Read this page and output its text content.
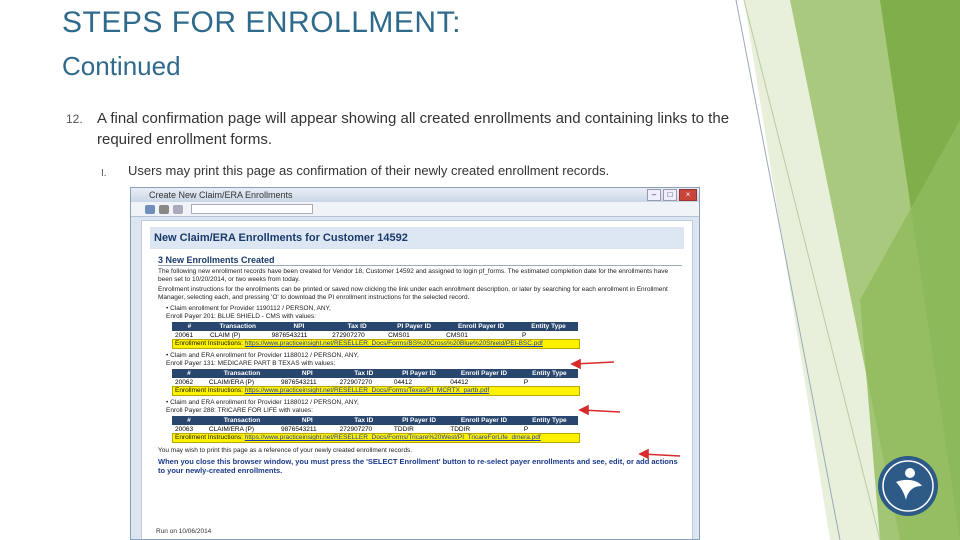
STEPS FOR ENROLLMENT:
Continued
12. A final confirmation page will appear showing all created enrollments and containing links to the required enrollment forms.
I. Users may print this page as confirmation of their newly created enrollment records.
Create New Claim/ERA Enrollments	–	□	×
New Claim/ERA Enrollments for Customer 14592
3 New Enrollments Created
The following new enrollment records have been created for Vendor 18, Customer 14592 and assigned to login pf_forms. The estimated completion date for the enrollments have been set to 10/20/2014, or two weeks from today.
Enrollment instructions for the enrollments can be printed or saved now clicking the link under each enrollment description, or later by searching for each enrollment in Enrollment Manager, selecting each, and pressing 'O' to download the PI enrollment instructions for the selected record.
• Claim enrollment for Provider 1190112 / PERSON, ANY,
Enroll Payer 201: BLUE SHIELD - CMS with values:
#	Transaction	NPI	Tax ID	PI Payer ID	Enroll Payer ID	Entity Type
20061	CLAIM (P)	9876543211	272907270	CMS01	CMS01	P
Enrollment Instructions: https://www.practiceinsight.net/RESELLER_Docs/Forms/BS%20Cross%20Blue%20Shield/PEI-BSC.pdf
• Claim and ERA enrollment for Provider 1188012 / PERSON, ANY,
Enroll Payer 131: MEDICARE PART B TEXAS with values:
#	Transaction	NPI	Tax ID	PI Payer ID	Enroll Payer ID	Entity Type
20062	CLAIM/ERA (P)	9876543211	272907270	04412	04412	P
Enrollment Instructions: https://www.practiceinsight.net/RESELLER_Docs/Forms/Texas/PI_MCRTX_partb.pdf
• Claim and ERA enrollment for Provider 1188012 / PERSON, ANY,
Enroll Payer 288: TRICARE FOR LIFE with values:
#	Transaction	NPI	Tax ID	PI Payer ID	Enroll Payer ID	Entity Type
20063	CLAIM/ERA (P)	9876543211	272907270	TDDIR	TDDIR	P
Enrollment Instructions: https://www.practiceinsight.net/RESELLER_Docs/Forms/Tricare%20West/PI_TricareForLife_dmera.pdf
You may wish to print this page as a reference of your newly created enrollment records.
When you close this browser window, you must press the 'SELECT Enrollment' button to re-select payer enrollments and see, edit, or add actions to your newly-created enrollments.
Run on 10/06/2014
